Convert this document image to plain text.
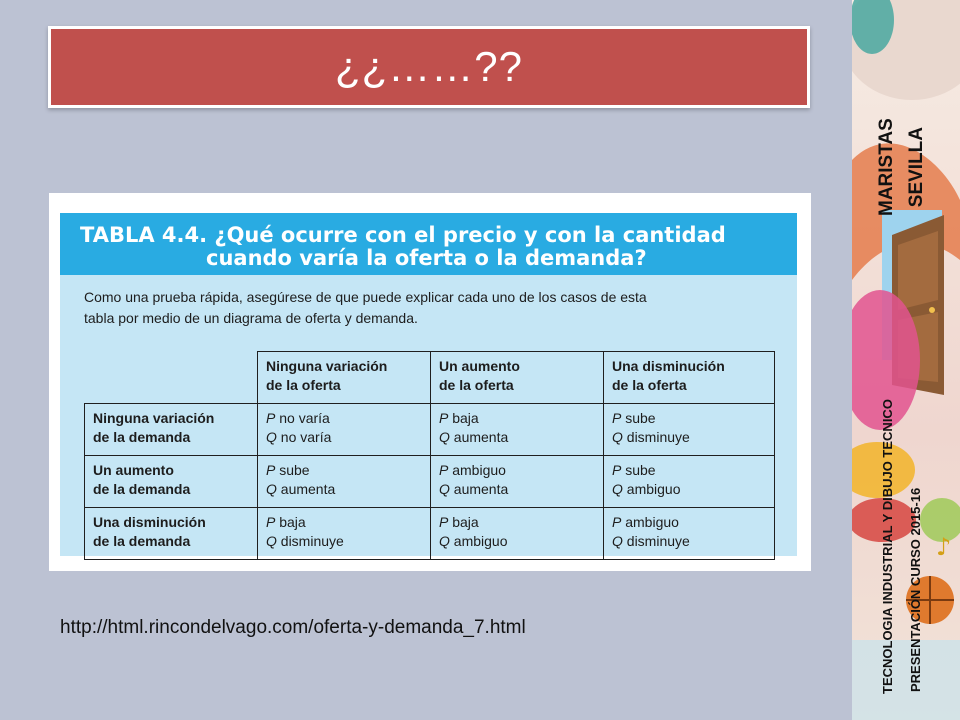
¿¿……??
TABLA 4.4. ¿Qué ocurre con el precio y con la cantidad
cuando varía la oferta o la demanda?
Como una prueba rápida, asegúrese de que puede explicar cada uno de los casos de esta
tabla por medio de un diagrama de oferta y demanda.

	Ninguna variación
de la oferta	Un aumento
de la oferta	Una disminución
de la oferta

Ninguna variación
de la demanda	P no varía
Q no varía	P baja
Q aumenta	P sube
Q disminuye

Un aumento
de la demanda	P sube
Q aumenta	P ambiguo
Q aumenta	P sube
Q ambiguo

Una disminución
de la demanda	P baja
Q disminuye	P baja
Q ambiguo	P ambiguo
Q disminuye
http://html.rincondelvago.com/oferta-y-demanda_7.html
♪
MARISTAS SEVILLA
TECNOLOGIA INDUSTRIAL Y DIBUJO TECNICO	PRESENTACIÓN CURSO 2015-16
